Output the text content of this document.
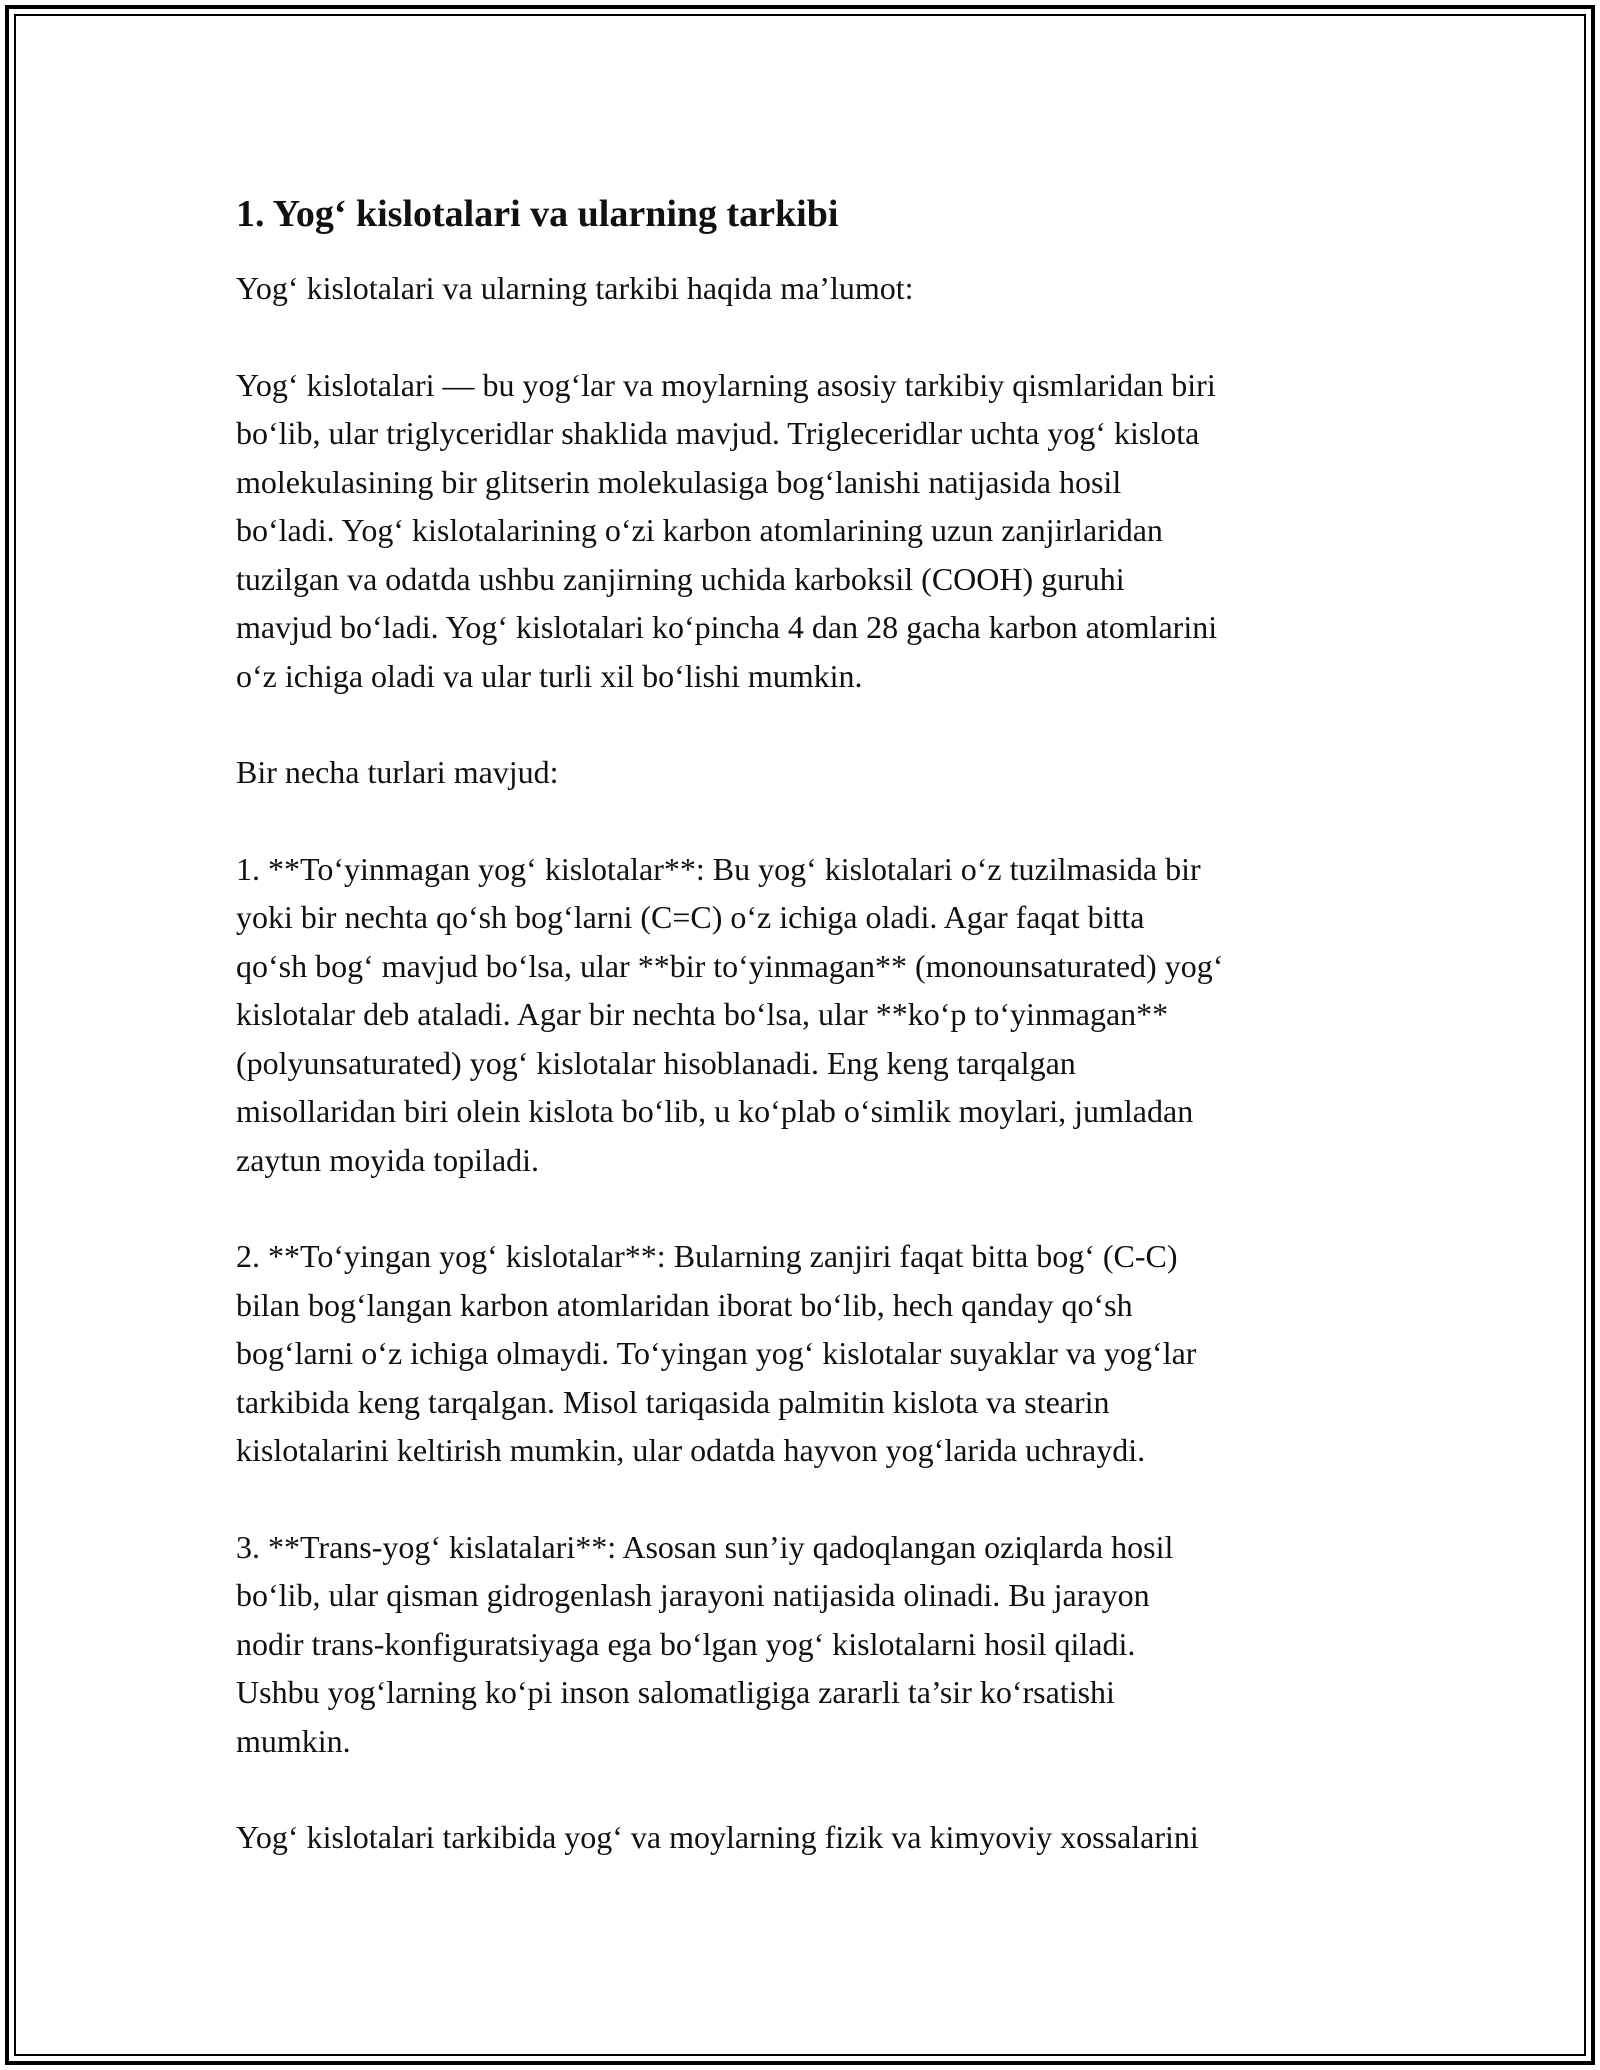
1. Yog‘ kislotalari va ularning tarkibi
Yog‘ kislotalari va ularning tarkibi haqida ma’lumot:
Yog‘ kislotalari — bu yog‘lar va moylarning asosiy tarkibiy qismlaridan biri
bo‘lib, ular triglyceridlar shaklida mavjud. Trigleceridlar uchta yog‘ kislota
molekulasining bir glitserin molekulasiga bog‘lanishi natijasida hosil
bo‘ladi. Yog‘ kislotalarining o‘zi karbon atomlarining uzun zanjirlaridan
tuzilgan va odatda ushbu zanjirning uchida karboksil (COOH) guruhi
mavjud bo‘ladi. Yog‘ kislotalari ko‘pincha 4 dan 28 gacha karbon atomlarini
o‘z ichiga oladi va ular turli xil bo‘lishi mumkin.
Bir necha turlari mavjud:
1. **To‘yinmagan yog‘ kislotalar**: Bu yog‘ kislotalari o‘z tuzilmasida bir
yoki bir nechta qo‘sh bog‘larni (C=C) o‘z ichiga oladi. Agar faqat bitta
qo‘sh bog‘ mavjud bo‘lsa, ular **bir to‘yinmagan** (monounsaturated) yog‘
kislotalar deb ataladi. Agar bir nechta bo‘lsa, ular **ko‘p to‘yinmagan**
(polyunsaturated) yog‘ kislotalar hisoblanadi. Eng keng tarqalgan
misollaridan biri olein kislota bo‘lib, u ko‘plab o‘simlik moylari, jumladan
zaytun moyida topiladi.
2. **To‘yingan yog‘ kislotalar**: Bularning zanjiri faqat bitta bog‘ (C-C)
bilan bog‘langan karbon atomlaridan iborat bo‘lib, hech qanday qo‘sh
bog‘larni o‘z ichiga olmaydi. To‘yingan yog‘ kislotalar suyaklar va yog‘lar
tarkibida keng tarqalgan. Misol tariqasida palmitin kislota va stearin
kislotalarini keltirish mumkin, ular odatda hayvon yog‘larida uchraydi.
3. **Trans-yog‘ kislatalari**: Asosan sun’iy qadoqlangan oziqlarda hosil
bo‘lib, ular qisman gidrogenlash jarayoni natijasida olinadi. Bu jarayon
nodir trans-konfiguratsiyaga ega bo‘lgan yog‘ kislotalarni hosil qiladi.
Ushbu yog‘larning ko‘pi inson salomatligiga zararli ta’sir ko‘rsatishi
mumkin.
Yog‘ kislotalari tarkibida yog‘ va moylarning fizik va kimyoviy xossalarini
